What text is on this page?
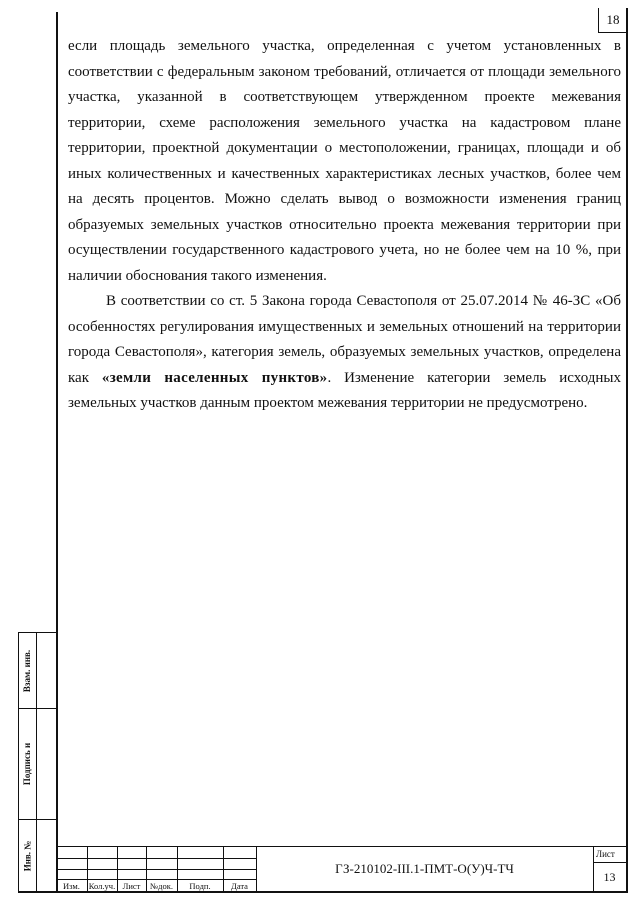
18

если площадь земельного участка, определенная с учетом установленных в соответствии с федеральным законом требований, отличается от площади земельного участка, указанной в соответствующем утвержденном проекте межевания территории, схеме расположения земельного участка на кадастровом плане территории, проектной документации о местоположении, границах, площади и об иных количественных и качественных характеристиках лесных участков, более чем на десять процентов. Можно сделать вывод о возможности изменения границ образуемых земельных участков относительно проекта межевания территории при осуществлении государственного кадастрового учета, но не более чем на 10 %, при наличии обоснования такого изменения.

В соответствии со ст. 5 Закона города Севастополя от 25.07.2014 № 46-ЗС «Об особенностях регулирования имущественных и земельных отношений на территории города Севастополя», категория земель, образуемых земельных участков, определена как «земли населенных пунктов». Изменение категории земель исходных земельных участков данным проектом межевания территории не предусмотрено.

Взам. инв.
Подпись и
Инв. №
Изм.	Кол.уч. Лист	№док.	Подп.	Дата
ГЗ-210102-III.1-ПМТ-О(У)Ч-ТЧ
Лист
13
